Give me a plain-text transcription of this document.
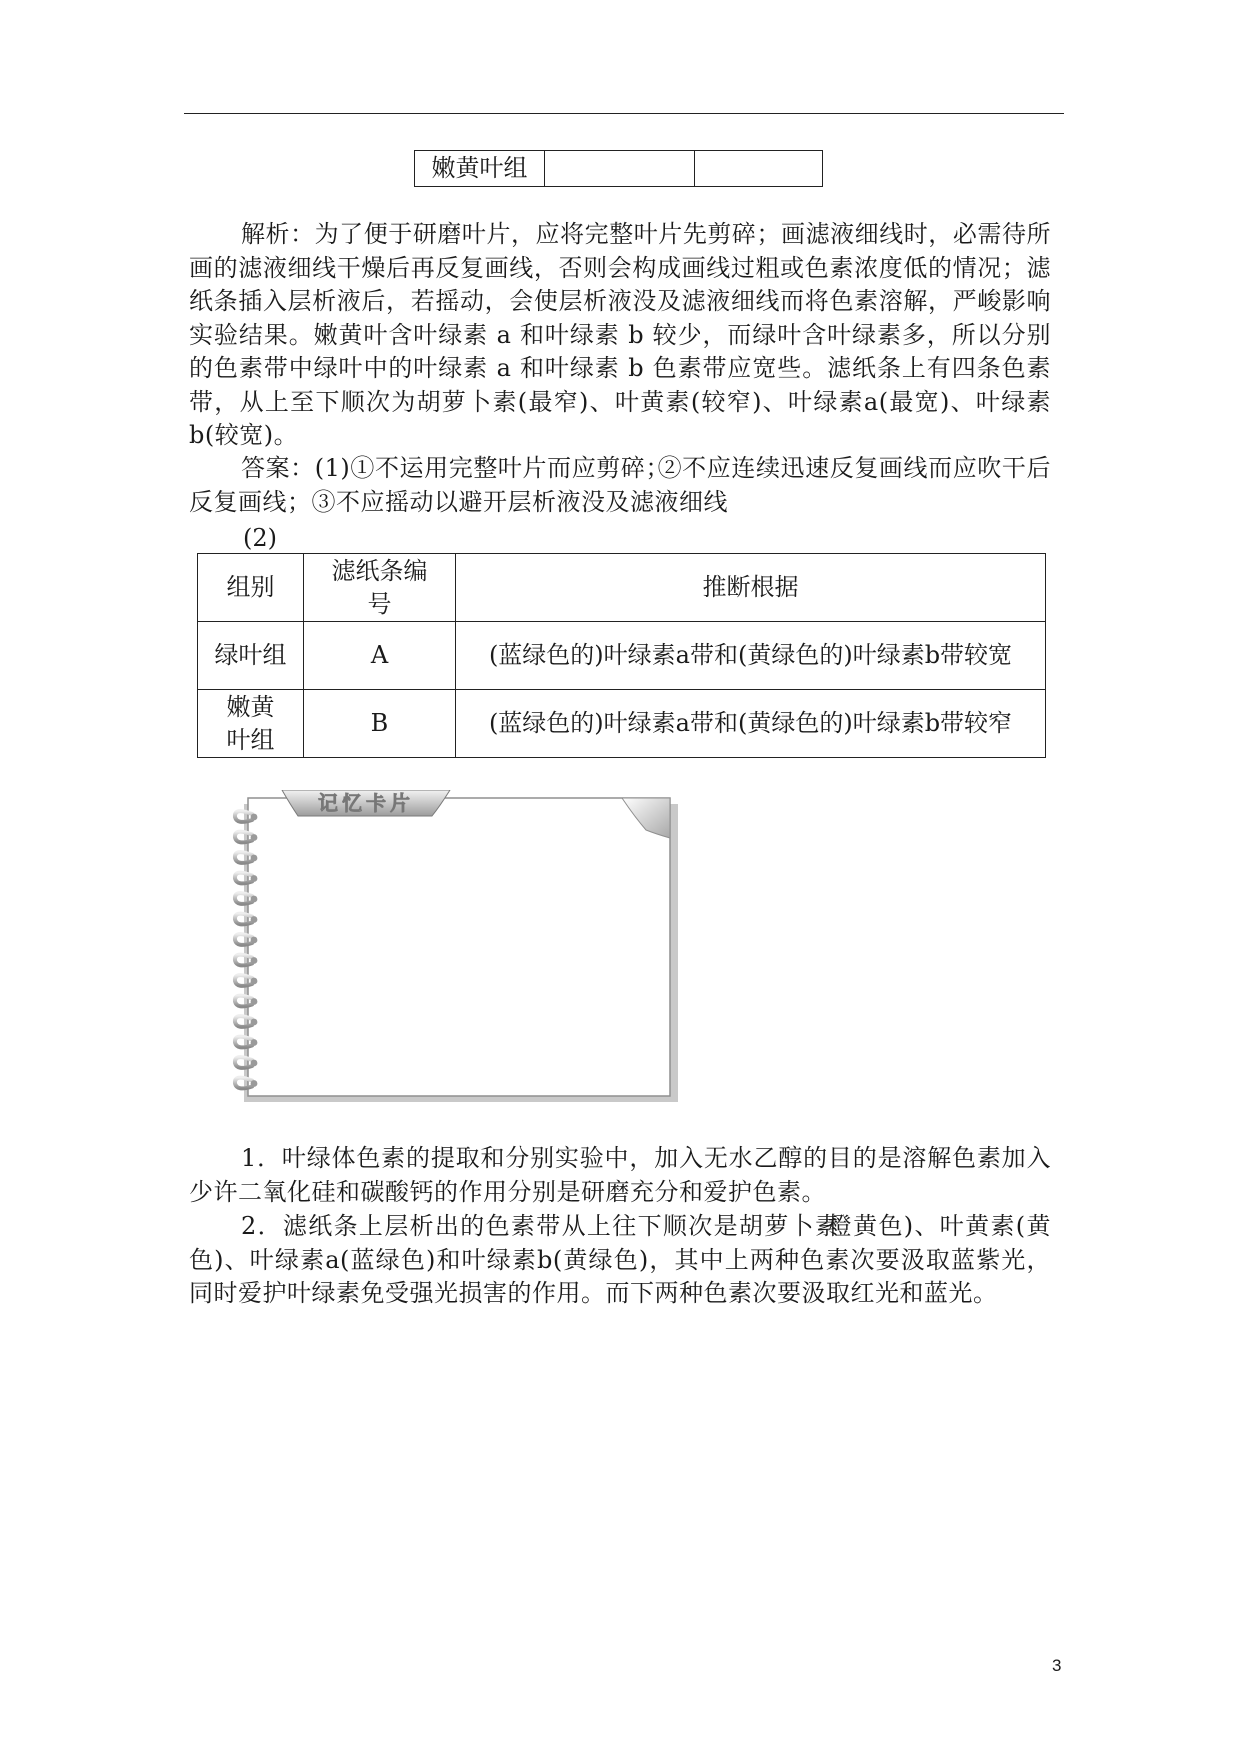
嫩黄叶组		

解析：为了便于研磨叶片，应将完整叶片先剪碎；画滤液细线时，必需待所画的滤液细线干燥后再反复画线，否则会构成画线过粗或色素浓度低的情况；滤纸条插入层析液后，若摇动，会使层析液没及滤液细线而将色素溶解，严峻影响实验结果。嫩黄叶含叶绿素 a 和叶绿素 b 较少，而绿叶含叶绿素多，所以分别的色素带中绿叶中的叶绿素 a 和叶绿素 b 色素带应宽些。滤纸条上有四条色素带，从上至下顺次为胡萝卜素(最窄)、叶黄素(较窄)、叶绿素a(最宽)、叶绿素b(较宽)。

答案：(1)①不运用完整叶片而应剪碎；②不应连续迅速反复画线而应吹干后反复画线；③不应摇动以避开层析液没及滤液细线

(2)
组别	滤纸条编号	推断根据
绿叶组	A	(蓝绿色的)叶绿素a带和(黄绿色的)叶绿素b带较宽
嫩黄叶组	B	(蓝绿色的)叶绿素a带和(黄绿色的)叶绿素b带较窄
记忆卡片

1．叶绿体色素的提取和分别实验中，加入无水乙醇的目的是溶解色素加入少许二氧化硅和碳酸钙的作用分别是研磨充分和爱护色素。

2．滤纸条上层析出的色素带从上往下顺次是胡萝卜素橙黄色)、叶黄素(黄色)、叶绿素a(蓝绿色)和叶绿素b(黄绿色)，其中上两种色素次要汲取蓝紫光，同时爱护叶绿素免受强光损害的作用。而下两种色素次要汲取红光和蓝光。

3
